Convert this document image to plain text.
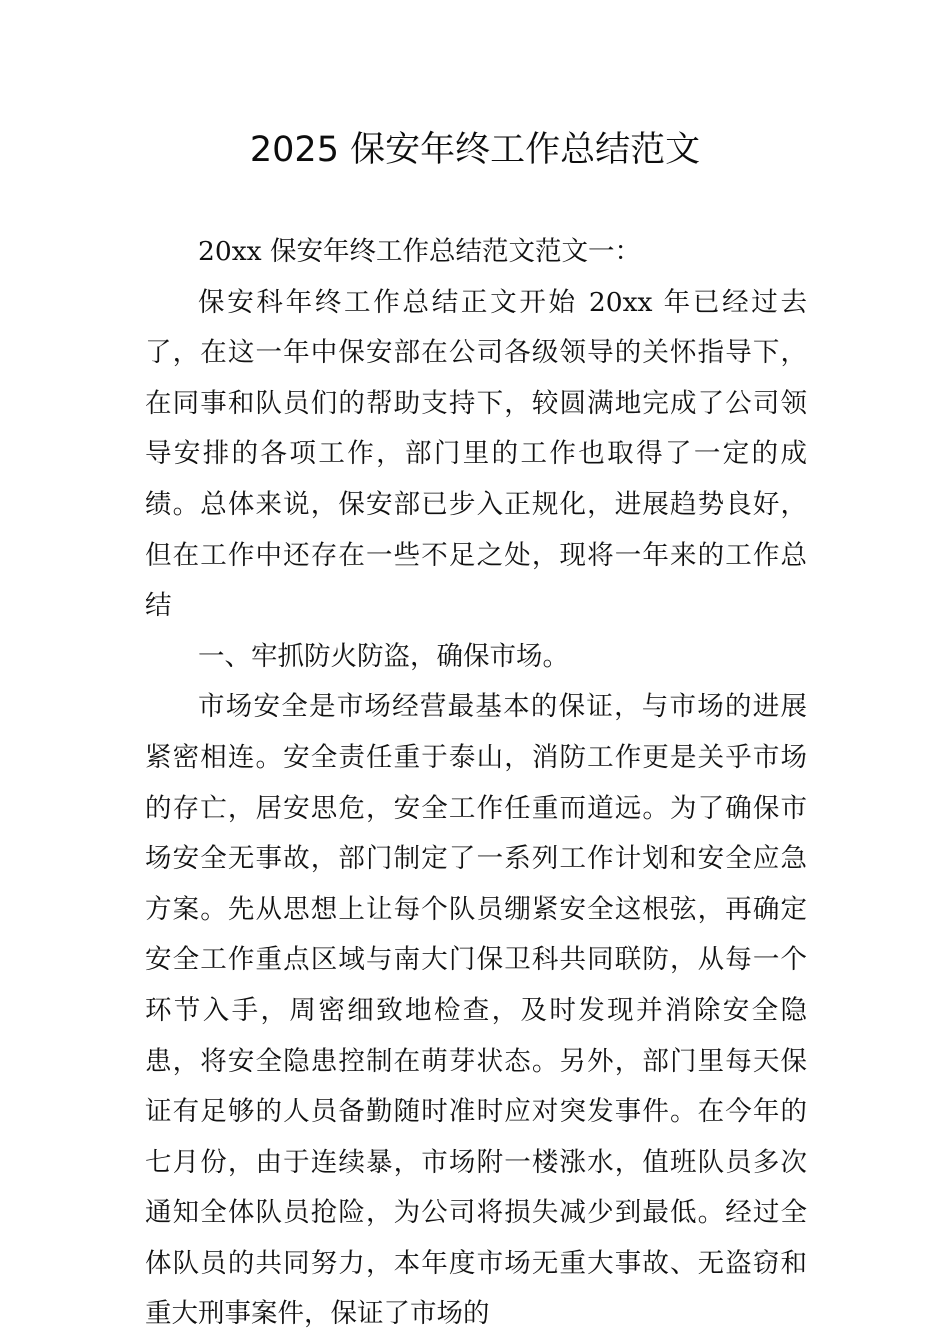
2025 保安年终工作总结范文

20xx 保安年终工作总结范文范文一：

保安科年终工作总结正文开始 20xx 年已经过去了，在这一年中保安部在公司各级领导的关怀指导下，在同事和队员们的帮助支持下，较圆满地完成了公司领导安排的各项工作，部门里的工作也取得了一定的成绩。总体来说，保安部已步入正规化，进展趋势良好，但在工作中还存在一些不足之处，现将一年来的工作总结

一、牢抓防火防盗，确保市场。

市场安全是市场经营最基本的保证，与市场的进展紧密相连。安全责任重于泰山，消防工作更是关乎市场的存亡，居安思危，安全工作任重而道远。为了确保市场安全无事故，部门制定了一系列工作计划和安全应急方案。先从思想上让每个队员绷紧安全这根弦，再确定安全工作重点区域与南大门保卫科共同联防，从每一个环节入手，周密细致地检查，及时发现并消除安全隐患，将安全隐患控制在萌芽状态。另外，部门里每天保证有足够的人员备勤随时准时应对突发事件。在今年的七月份，由于连续暴，市场附一楼涨水，值班队员多次通知全体队员抢险，为公司将损失减少到最低。经过全体队员的共同努力，本年度市场无重大事故、无盗窃和重大刑事案件，保证了市场的
